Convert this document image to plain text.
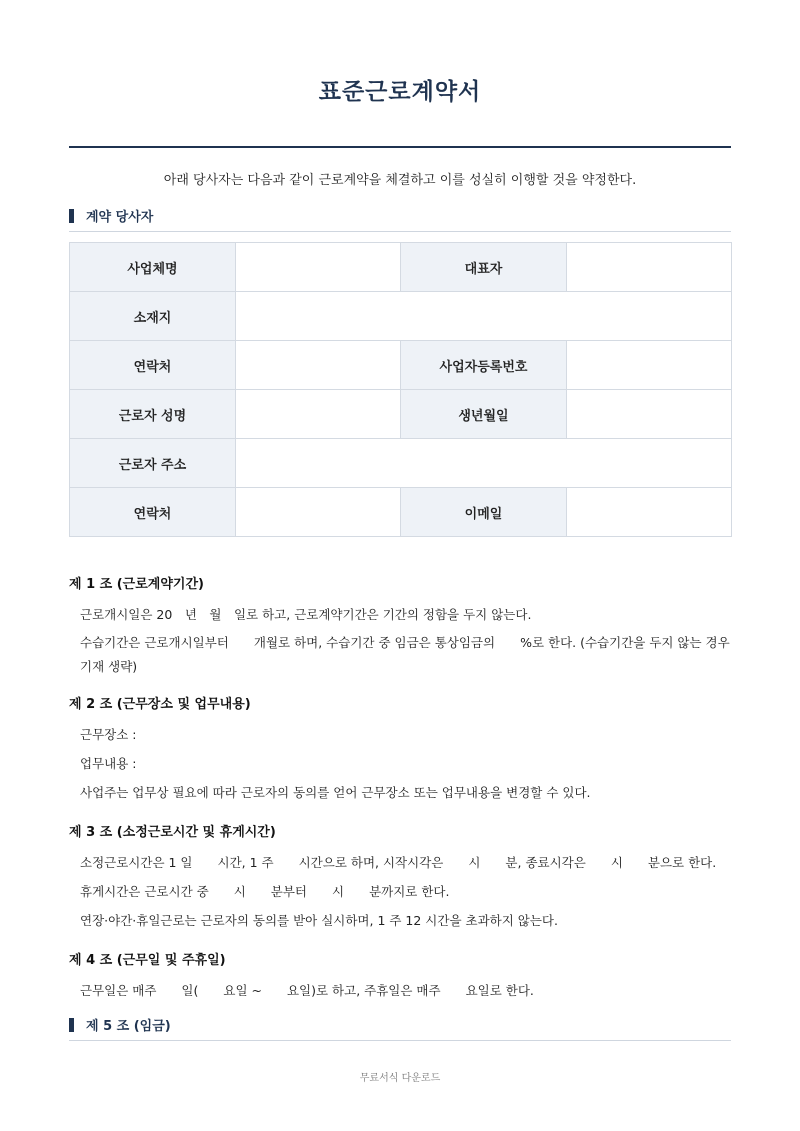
표준근로계약서
아래 당사자는 다음과 같이 근로계약을 체결하고 이를 성실히 이행할 것을 약정한다.
계약 당사자
사업체명		대표자	
소재지			
연락처		사업자등록번호	
근로자 성명		생년월일	
근로자 주소			
연락처		이메일	
제 1 조 (근로계약기간)
근로개시일은 20　년　월　일로 하고, 근로계약기간은 기간의 정함을 두지 않는다.
수습기간은 근로개시일부터　　개월로 하며, 수습기간 중 임금은 통상임금의　　%로 한다. (수습기간을 두지 않는 경우 기재 생략)
제 2 조 (근무장소 및 업무내용)
근무장소 :
업무내용 :
사업주는 업무상 필요에 따라 근로자의 동의를 얻어 근무장소 또는 업무내용을 변경할 수 있다.
제 3 조 (소정근로시간 및 휴게시간)
소정근로시간은 1 일　　시간, 1 주　　시간으로 하며, 시작시각은　　시　　분, 종료시각은　　시　　분으로 한다.
휴게시간은 근로시간 중　　시　　분부터　　시　　분까지로 한다.
연장·야간·휴일근로는 근로자의 동의를 받아 실시하며, 1 주 12 시간을 초과하지 않는다.
제 4 조 (근무일 및 주휴일)
근무일은 매주　　일(　　요일 ~　　요일)로 하고, 주휴일은 매주　　요일로 한다.
제 5 조 (임금)
무료서식 다운로드
